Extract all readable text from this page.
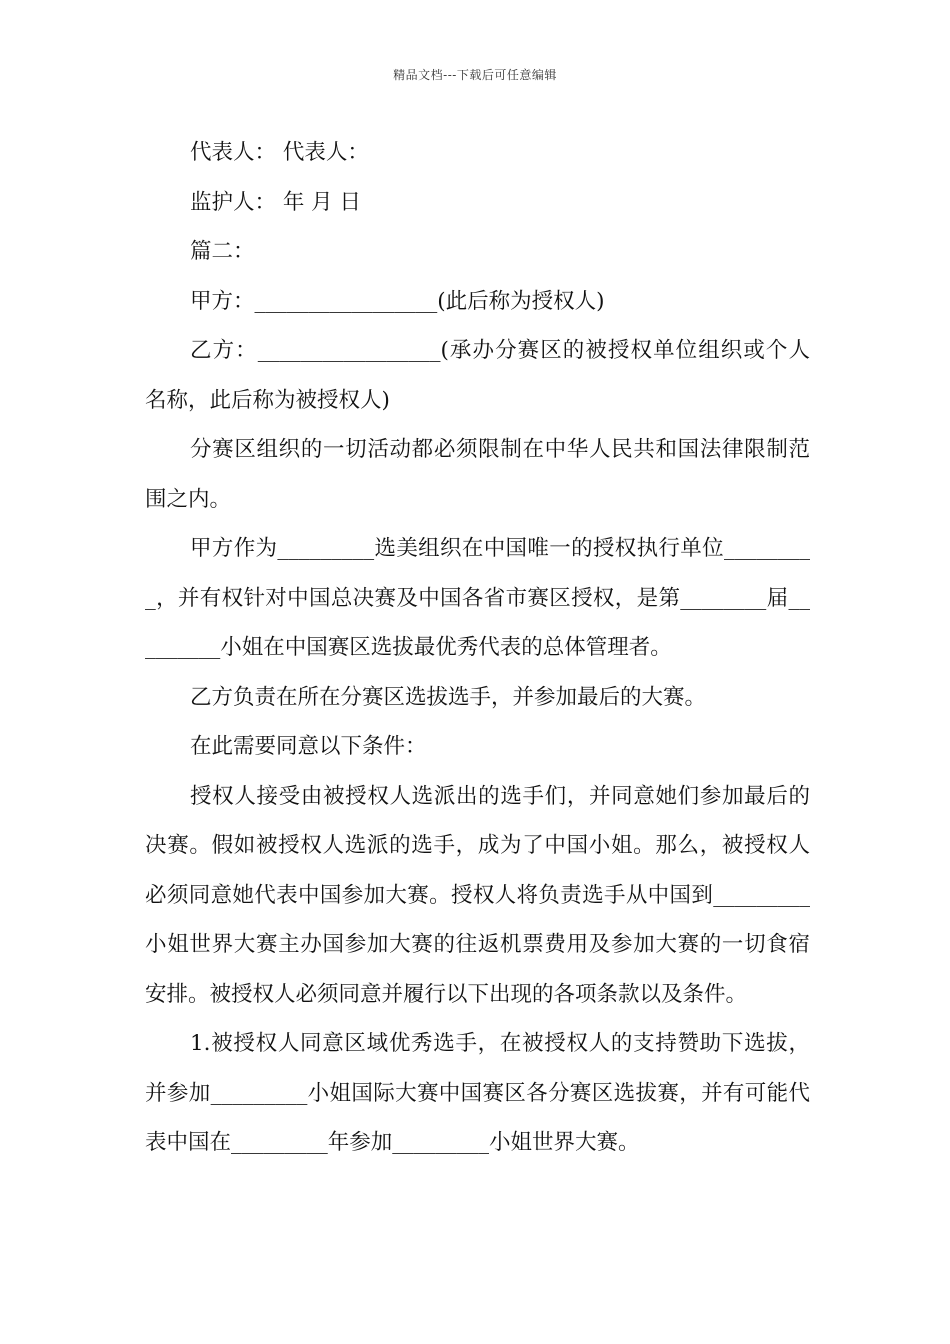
精品文档---下载后可任意编辑

代表人： 代表人：

监护人： 年 月 日

篇二：

甲方：_________________(此后称为授权人)

乙方：_________________(承办分赛区的被授权单位组织或个人名称，此后称为被授权人)

分赛区组织的一切活动都必须限制在中华人民共和国法律限制范围之内。

甲方作为_________选美组织在中国唯一的授权执行单位_________，并有权针对中国总决赛及中国各省市赛区授权，是第________届_________小姐在中国赛区选拔最优秀代表的总体管理者。

乙方负责在所在分赛区选拔选手，并参加最后的大赛。

在此需要同意以下条件：

授权人接受由被授权人选派出的选手们，并同意她们参加最后的决赛。假如被授权人选派的选手，成为了中国小姐。那么，被授权人必须同意她代表中国参加大赛。授权人将负责选手从中国到_________小姐世界大赛主办国参加大赛的往返机票费用及参加大赛的一切食宿安排。被授权人必须同意并履行以下出现的各项条款以及条件。

1.被授权人同意区域优秀选手，在被授权人的支持赞助下选拔，并参加_________小姐国际大赛中国赛区各分赛区选拔赛，并有可能代表中国在_________年参加_________小姐世界大赛。
